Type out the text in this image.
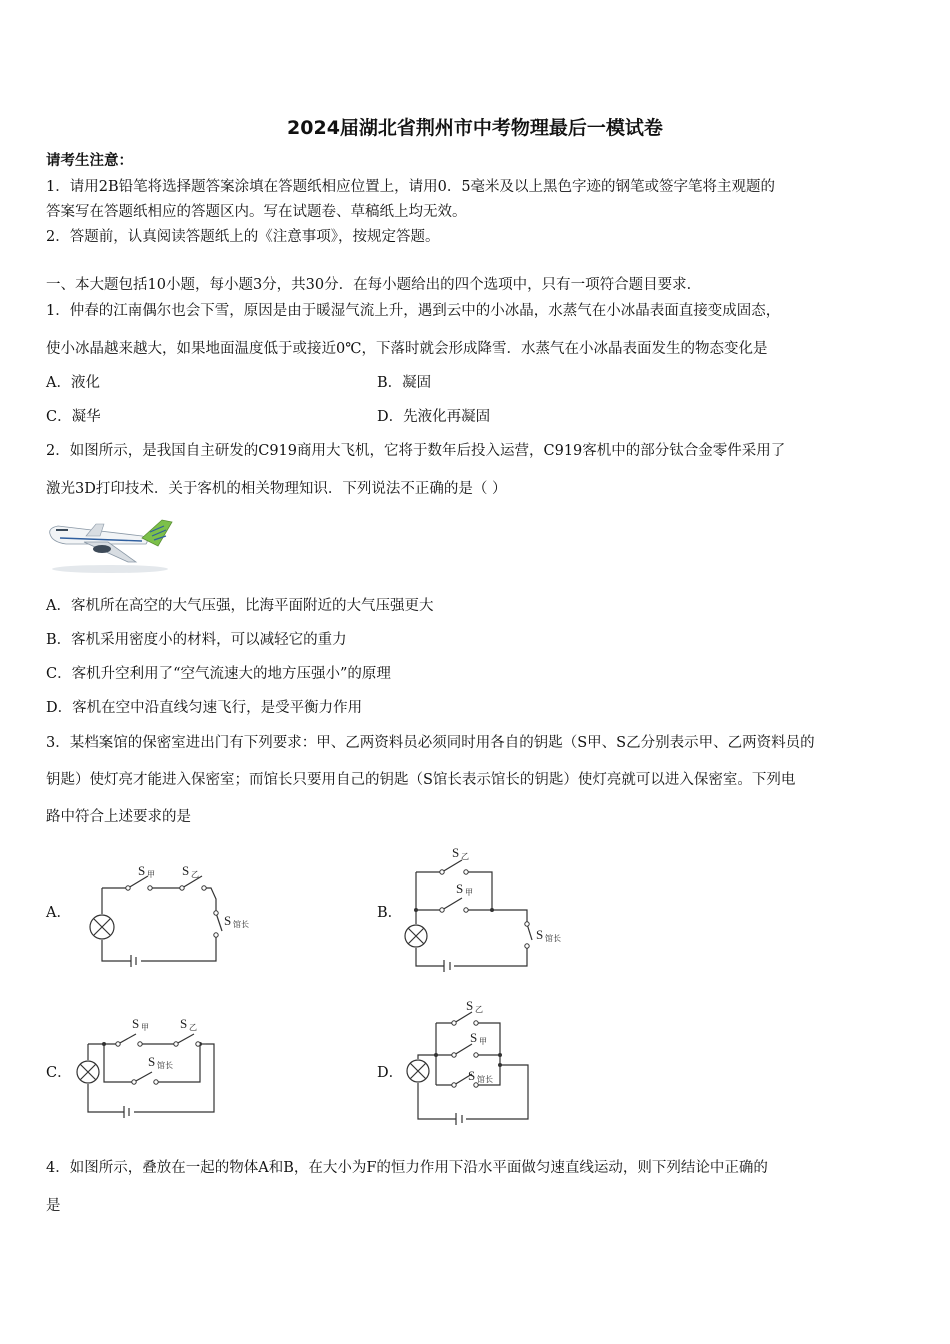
2024届湖北省荆州市中考物理最后一模试卷
请考生注意：
1．请用2B铅笔将选择题答案涂填在答题纸相应位置上，请用0．5毫米及以上黑色字迹的钢笔或签字笔将主观题的
答案写在答题纸相应的答题区内。写在试题卷、草稿纸上均无效。
2．答题前，认真阅读答题纸上的《注意事项》，按规定答题。
一、本大题包括10小题，每小题3分，共30分．在每小题给出的四个选项中，只有一项符合题目要求．
1．仲春的江南偶尔也会下雪，原因是由于暖湿气流上升，遇到云中的小冰晶，水蒸气在小冰晶表面直接变成固态，
使小冰晶越来越大，如果地面温度低于或接近0℃，下落时就会形成降雪．水蒸气在小冰晶表面发生的物态变化是
A．液化	B．凝固
C．凝华	D．先液化再凝固
2．如图所示，是我国自主研发的C919商用大飞机，它将于数年后投入运营，C919客机中的部分钛合金零件采用了
激光3D打印技术．关于客机的相关物理知识．下列说法不正确的是（ ）
A．客机所在高空的大气压强，比海平面附近的大气压强更大
B．客机采用密度小的材料，可以减轻它的重力
C．客机升空利用了“空气流速大的地方压强小”的原理
D．客机在空中沿直线匀速飞行，是受平衡力作用
3．某档案馆的保密室进出门有下列要求：甲、乙两资料员必须同时用各自的钥匙（S甲、S乙分别表示甲、乙两资料员的
钥匙）使灯亮才能进入保密室；而馆长只要用自己的钥匙（S馆长表示馆长的钥匙）使灯亮就可以进入保密室。下列电
路中符合上述要求的是
A．
S 甲 S 乙
S 馆长
B．
S 乙
S 甲
S 馆长
C．
S 甲 S 乙
S 馆长	D．
S 乙
S 甲
S 馆长
4．如图所示，叠放在一起的物体A和B，在大小为F的恒力作用下沿水平面做匀速直线运动，则下列结论中正确的
是
